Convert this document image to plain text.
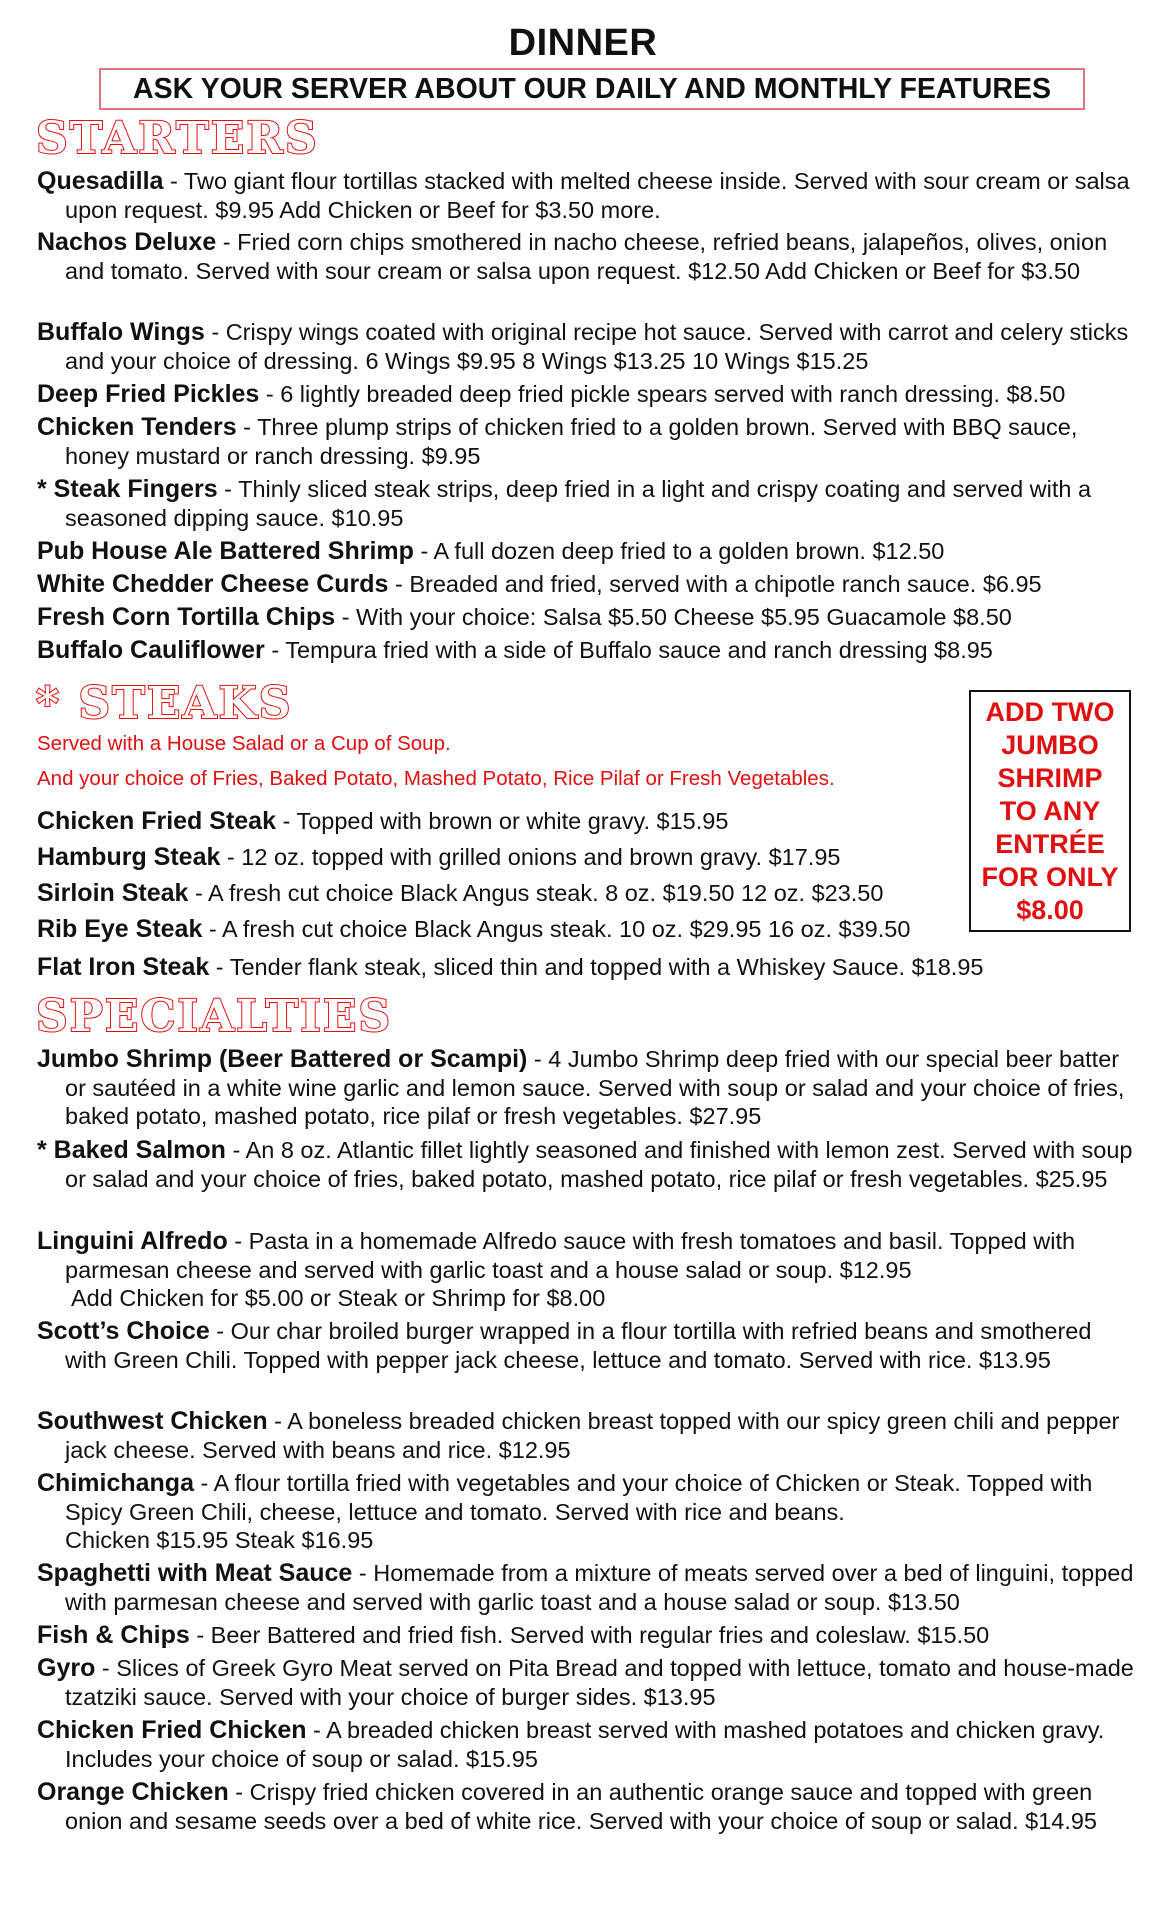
DINNER
ASK YOUR SERVER ABOUT OUR DAILY AND MONTHLY FEATURES
STARTERS
Quesadilla - Two giant flour tortillas stacked with melted cheese inside. Served with sour cream or salsa upon request. $9.95 Add Chicken or Beef for $3.50 more.
Nachos Deluxe - Fried corn chips smothered in nacho cheese, refried beans, jalapeños, olives, onion and tomato. Served with sour cream or salsa upon request. $12.50 Add Chicken or Beef for $3.50
Buffalo Wings - Crispy wings coated with original recipe hot sauce. Served with carrot and celery sticks and your choice of dressing. 6 Wings $9.95 8 Wings $13.25 10 Wings $15.25
Deep Fried Pickles - 6 lightly breaded deep fried pickle spears served with ranch dressing. $8.50
Chicken Tenders - Three plump strips of chicken fried to a golden brown. Served with BBQ sauce, honey mustard or ranch dressing. $9.95
* Steak Fingers - Thinly sliced steak strips, deep fried in a light and crispy coating and served with a seasoned dipping sauce. $10.95
Pub House Ale Battered Shrimp - A full dozen deep fried to a golden brown. $12.50
White Chedder Cheese Curds - Breaded and fried, served with a chipotle ranch sauce. $6.95
Fresh Corn Tortilla Chips - With your choice: Salsa $5.50 Cheese $5.95 Guacamole $8.50
Buffalo Cauliflower - Tempura fried with a side of Buffalo sauce and ranch dressing $8.95
* STEAKS
Served with a House Salad or a Cup of Soup.
And your choice of Fries, Baked Potato, Mashed Potato, Rice Pilaf or Fresh Vegetables.
Chicken Fried Steak - Topped with brown or white gravy. $15.95
Hamburg Steak - 12 oz. topped with grilled onions and brown gravy. $17.95
Sirloin Steak - A fresh cut choice Black Angus steak. 8 oz. $19.50 12 oz. $23.50
Rib Eye Steak - A fresh cut choice Black Angus steak. 10 oz. $29.95 16 oz. $39.50
Flat Iron Steak - Tender flank steak, sliced thin and topped with a Whiskey Sauce. $18.95
ADD TWO
JUMBO
SHRIMP
TO ANY
ENTRÉE
FOR ONLY
$8.00
SPECIALTIES
Jumbo Shrimp (Beer Battered or Scampi) - 4 Jumbo Shrimp deep fried with our special beer batter or sautéed in a white wine garlic and lemon sauce. Served with soup or salad and your choice of fries, baked potato, mashed potato, rice pilaf or fresh vegetables. $27.95
* Baked Salmon - An 8 oz. Atlantic fillet lightly seasoned and finished with lemon zest. Served with soup or salad and your choice of fries, baked potato, mashed potato, rice pilaf or fresh vegetables. $25.95
Linguini Alfredo - Pasta in a homemade Alfredo sauce with fresh tomatoes and basil. Topped with parmesan cheese and served with garlic toast and a house salad or soup. $12.95
Add Chicken for $5.00 or Steak or Shrimp for $8.00
Scott’s Choice - Our char broiled burger wrapped in a flour tortilla with refried beans and smothered with Green Chili. Topped with pepper jack cheese, lettuce and tomato. Served with rice. $13.95
Southwest Chicken - A boneless breaded chicken breast topped with our spicy green chili and pepper jack cheese. Served with beans and rice. $12.95
Chimichanga - A flour tortilla fried with vegetables and your choice of Chicken or Steak. Topped with Spicy Green Chili, cheese, lettuce and tomato. Served with rice and beans.
Chicken $15.95 Steak $16.95
Spaghetti with Meat Sauce - Homemade from a mixture of meats served over a bed of linguini, topped with parmesan cheese and served with garlic toast and a house salad or soup. $13.50
Fish & Chips - Beer Battered and fried fish. Served with regular fries and coleslaw. $15.50
Gyro - Slices of Greek Gyro Meat served on Pita Bread and topped with lettuce, tomato and house-made tzatziki sauce. Served with your choice of burger sides. $13.95
Chicken Fried Chicken - A breaded chicken breast served with mashed potatoes and chicken gravy. Includes your choice of soup or salad. $15.95
Orange Chicken - Crispy fried chicken covered in an authentic orange sauce and topped with green onion and sesame seeds over a bed of white rice. Served with your choice of soup or salad. $14.95
